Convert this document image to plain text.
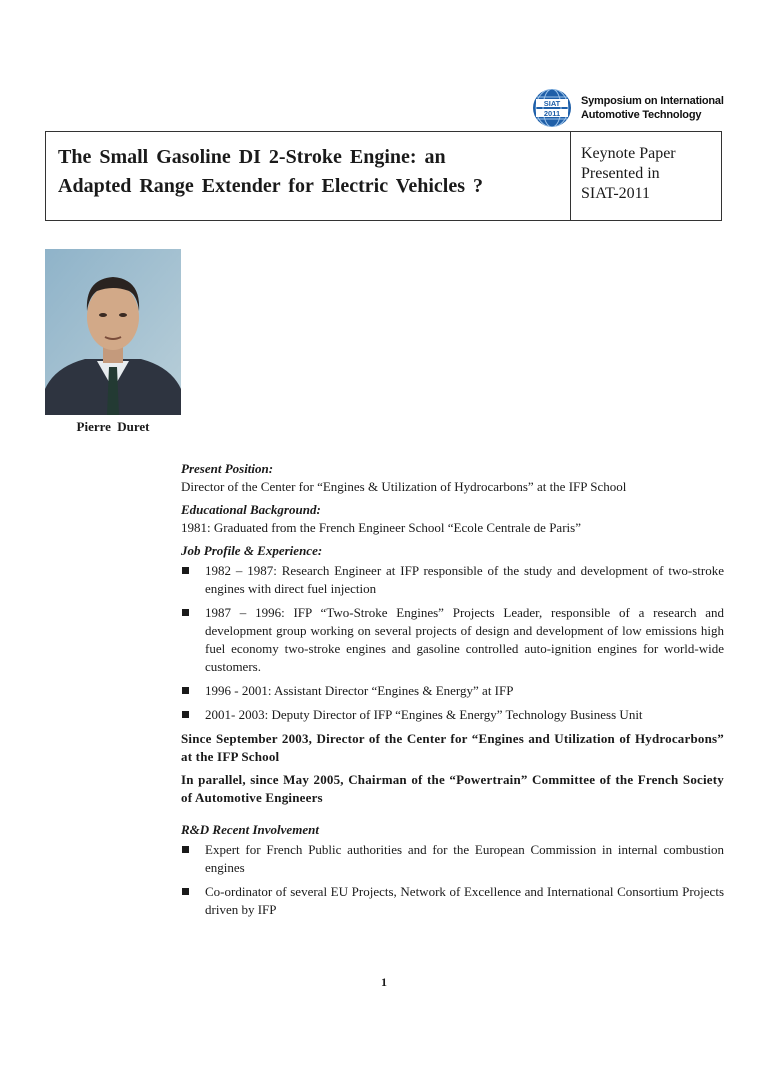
SIAT
2011
Symposium on International
Automotive Technology
The Small Gasoline DI 2-Stroke Engine: an
Adapted Range Extender for Electric Vehicles ?
Keynote Paper
Presented in
SIAT-2011
Pierre Duret
Present Position:
Director of the Center for “Engines & Utilization of Hydrocarbons” at the IFP School
Educational Background:
1981: Graduated from the French Engineer School “Ecole Centrale de Paris”
Job Profile & Experience:
1982 – 1987: Research Engineer at IFP responsible of the study and development of two-stroke engines with direct fuel injection
1987 – 1996: IFP “Two-Stroke Engines” Projects Leader, responsible of a research and development group working on several projects of design and development of low emissions high fuel economy two-stroke engines and gasoline controlled auto-ignition engines for world-wide customers.
1996 - 2001: Assistant Director “Engines & Energy” at IFP
2001- 2003: Deputy Director of IFP “Engines & Energy” Technology Business Unit
Since September 2003, Director of the Center for “Engines and Utilization of Hydrocarbons” at the IFP School
In parallel, since May 2005, Chairman of the “Powertrain” Committee of the French Society of Automotive Engineers
R&D Recent Involvement
Expert for French Public authorities and for the European Commission in internal combustion engines
Co-ordinator of several EU Projects, Network of Excellence and International Consortium Projects driven by IFP
1
